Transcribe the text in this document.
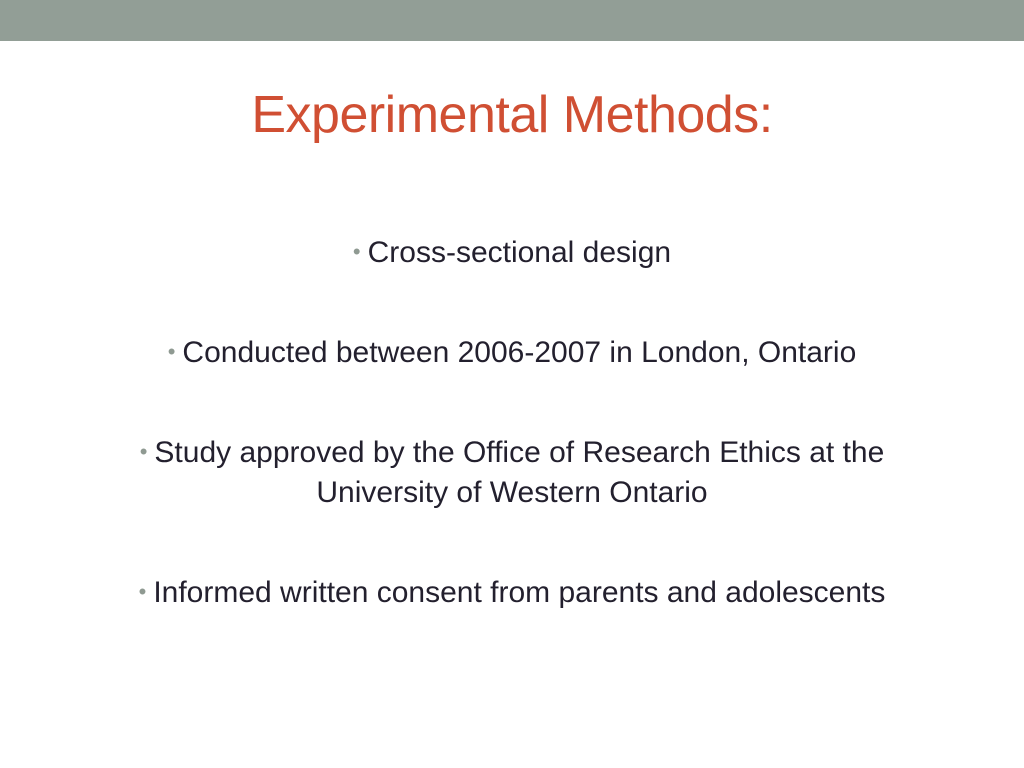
Experimental Methods:
• Cross-sectional design
• Conducted between 2006-2007 in London, Ontario
• Study approved by the Office of Research Ethics at the University of Western Ontario
• Informed written consent from parents and adolescents
